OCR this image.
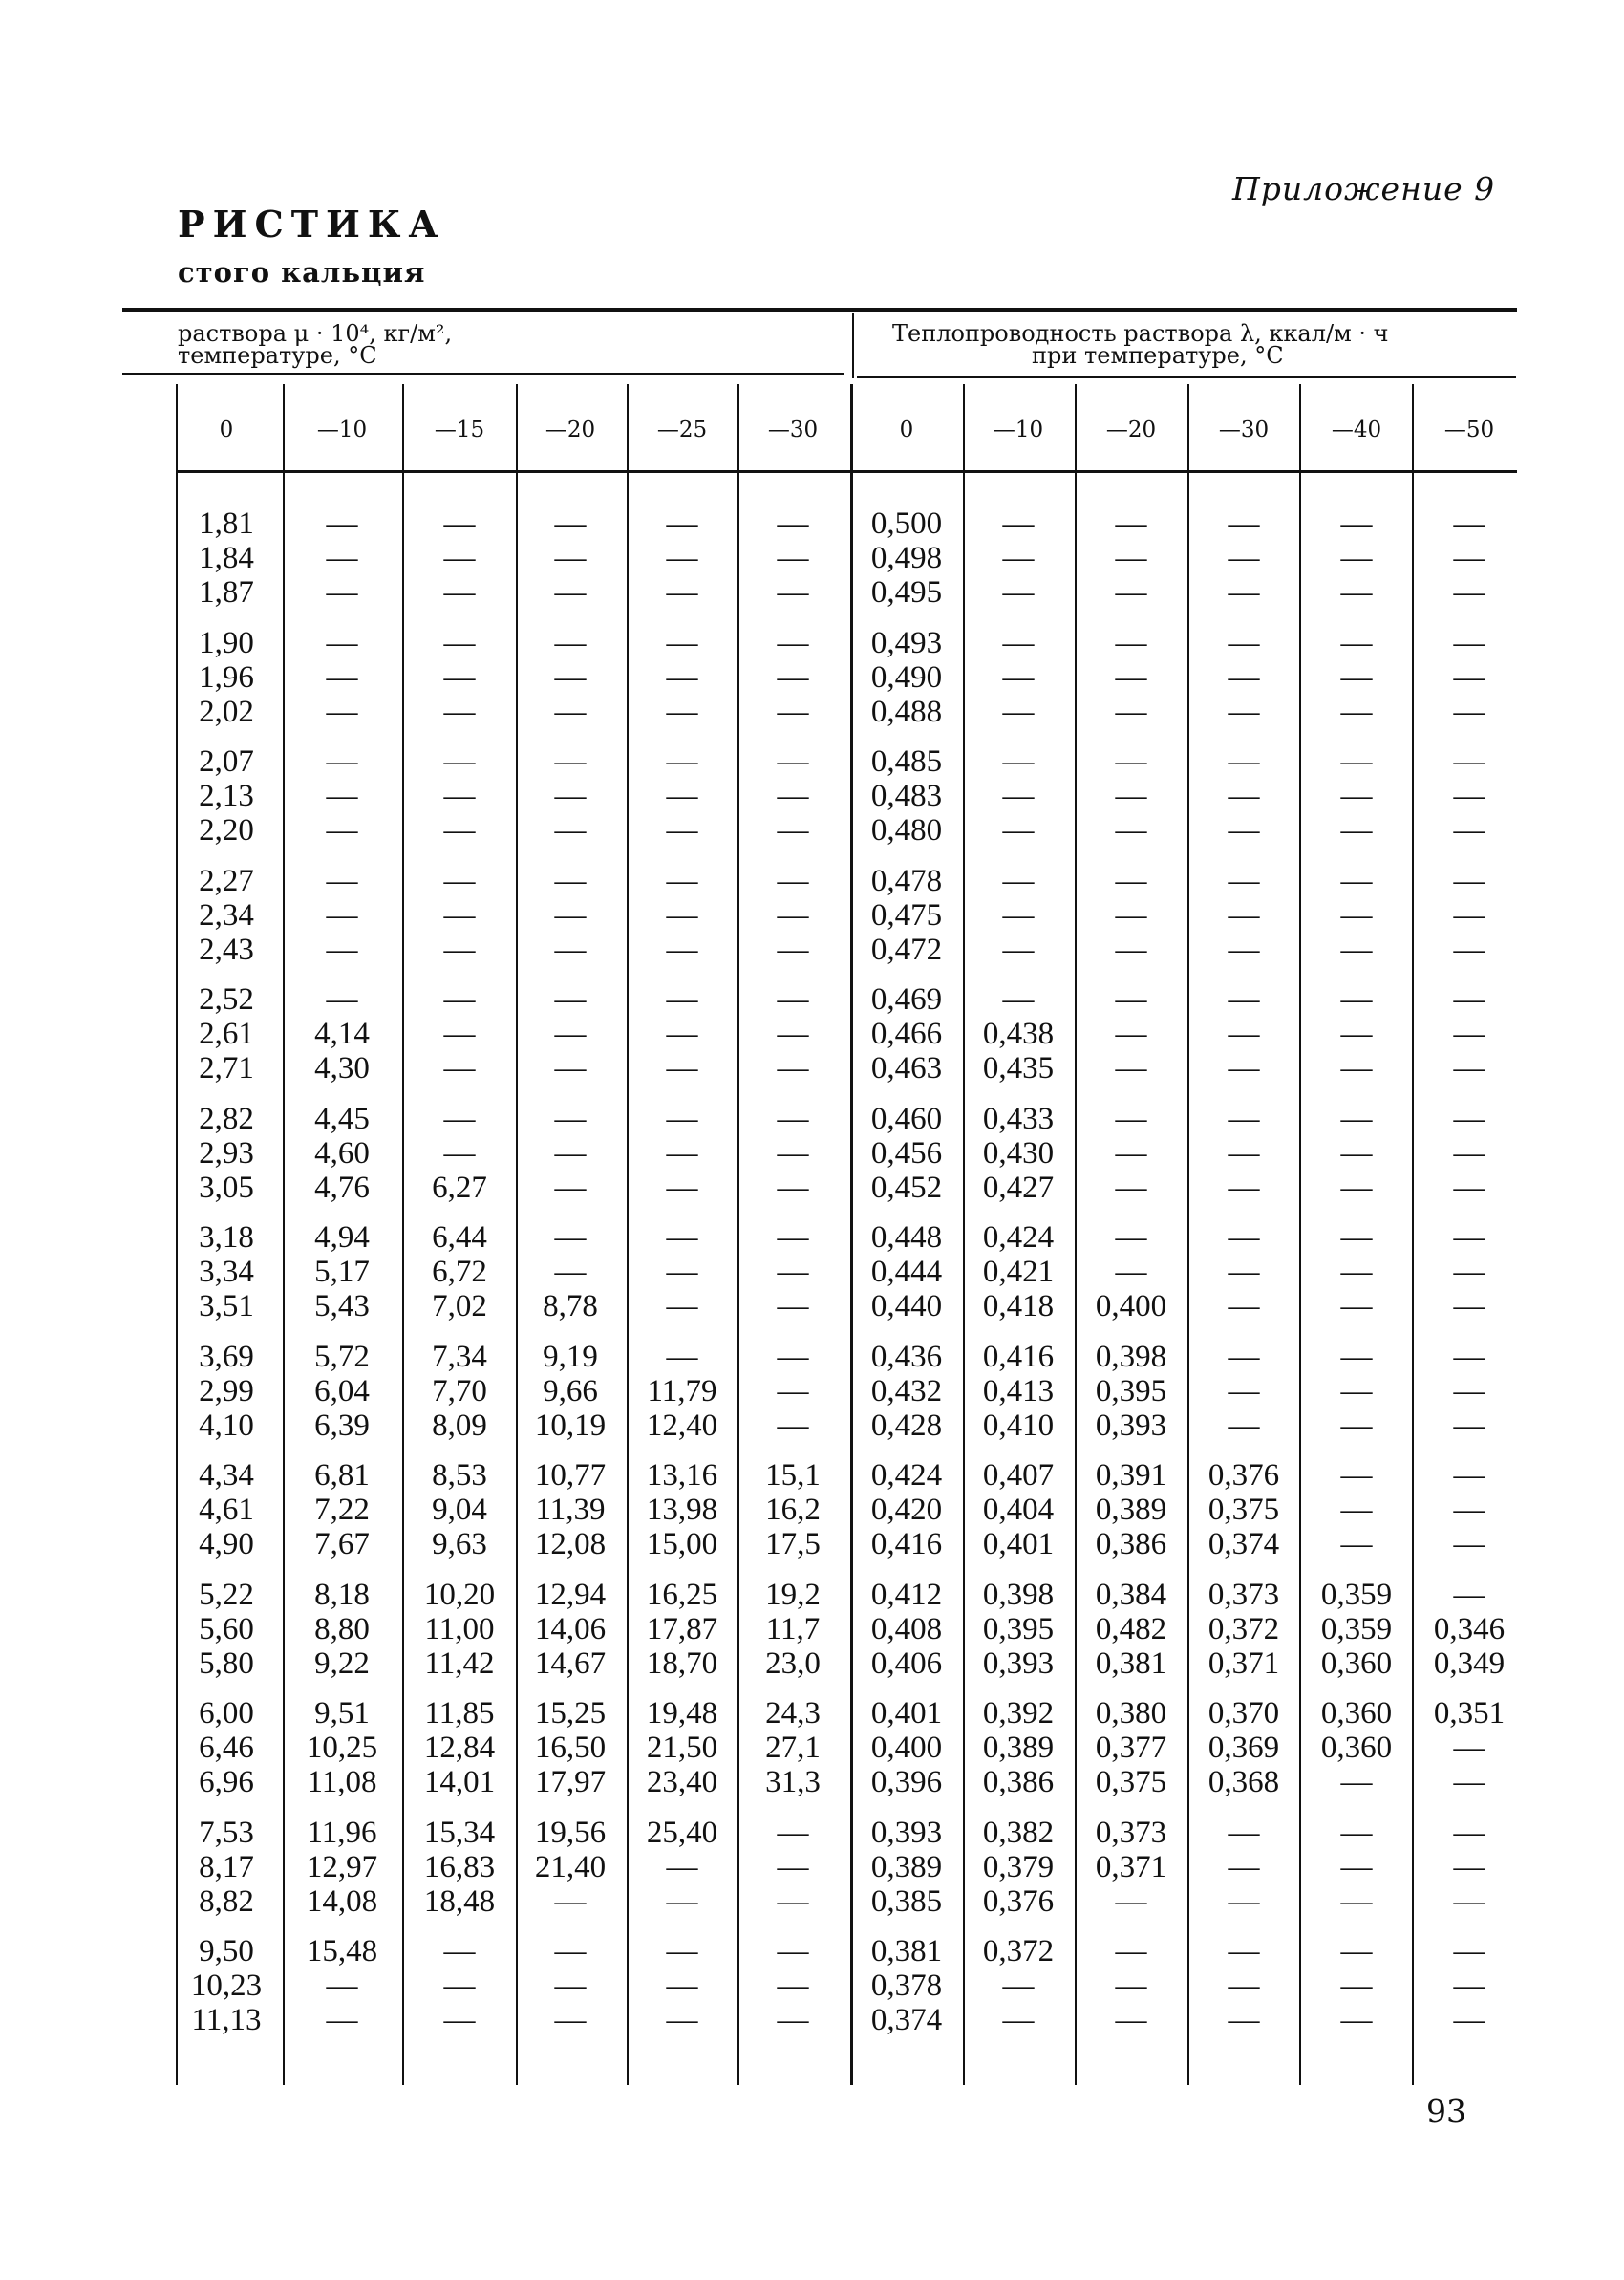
Приложение 9
РИСТИКА
стого кальция
раствора μ · 10⁴, кг/м²,
температуре, °С
Теплопроводность раствора λ, ккал/м · ч
при температуре, °С
0	—10	—15	—20	—25	—30	0	—10	—20	—30	—40	—50
1,81	—	—	—	—	—	0,500	—	—	—	—	—
1,84	—	—	—	—	—	0,498	—	—	—	—	—
1,87	—	—	—	—	—	0,495	—	—	—	—	—
1,90	—	—	—	—	—	0,493	—	—	—	—	—
1,96	—	—	—	—	—	0,490	—	—	—	—	—
2,02	—	—	—	—	—	0,488	—	—	—	—	—
2,07	—	—	—	—	—	0,485	—	—	—	—	—
2,13	—	—	—	—	—	0,483	—	—	—	—	—
2,20	—	—	—	—	—	0,480	—	—	—	—	—
2,27	—	—	—	—	—	0,478	—	—	—	—	—
2,34	—	—	—	—	—	0,475	—	—	—	—	—
2,43	—	—	—	—	—	0,472	—	—	—	—	—
2,52	—	—	—	—	—	0,469	—	—	—	—	—
2,61	4,14	—	—	—	—	0,466	0,438	—	—	—	—
2,71	4,30	—	—	—	—	0,463	0,435	—	—	—	—
2,82	4,45	—	—	—	—	0,460	0,433	—	—	—	—
2,93	4,60	—	—	—	—	0,456	0,430	—	—	—	—
3,05	4,76	6,27	—	—	—	0,452	0,427	—	—	—	—
3,18	4,94	6,44	—	—	—	0,448	0,424	—	—	—	—
3,34	5,17	6,72	—	—	—	0,444	0,421	—	—	—	—
3,51	5,43	7,02	8,78	—	—	0,440	0,418	0,400	—	—	—
3,69	5,72	7,34	9,19	—	—	0,436	0,416	0,398	—	—	—
2,99	6,04	7,70	9,66	11,79	—	0,432	0,413	0,395	—	—	—
4,10	6,39	8,09	10,19	12,40	—	0,428	0,410	0,393	—	—	—
4,34	6,81	8,53	10,77	13,16	15,1	0,424	0,407	0,391	0,376	—	—
4,61	7,22	9,04	11,39	13,98	16,2	0,420	0,404	0,389	0,375	—	—
4,90	7,67	9,63	12,08	15,00	17,5	0,416	0,401	0,386	0,374	—	—
5,22	8,18	10,20	12,94	16,25	19,2	0,412	0,398	0,384	0,373	0,359	—
5,60	8,80	11,00	14,06	17,87	11,7	0,408	0,395	0,482	0,372	0,359	0,346
5,80	9,22	11,42	14,67	18,70	23,0	0,406	0,393	0,381	0,371	0,360	0,349
6,00	9,51	11,85	15,25	19,48	24,3	0,401	0,392	0,380	0,370	0,360	0,351
6,46	10,25	12,84	16,50	21,50	27,1	0,400	0,389	0,377	0,369	0,360	—
6,96	11,08	14,01	17,97	23,40	31,3	0,396	0,386	0,375	0,368	—	—
7,53	11,96	15,34	19,56	25,40	—	0,393	0,382	0,373	—	—	—
8,17	12,97	16,83	21,40	—	—	0,389	0,379	0,371	—	—	—
8,82	14,08	18,48	—	—	—	0,385	0,376	—	—	—	—
9,50	15,48	—	—	—	—	0,381	0,372	—	—	—	—
10,23	—	—	—	—	—	0,378	—	—	—	—	—
11,13	—	—	—	—	—	0,374	—	—	—	—	—
93
